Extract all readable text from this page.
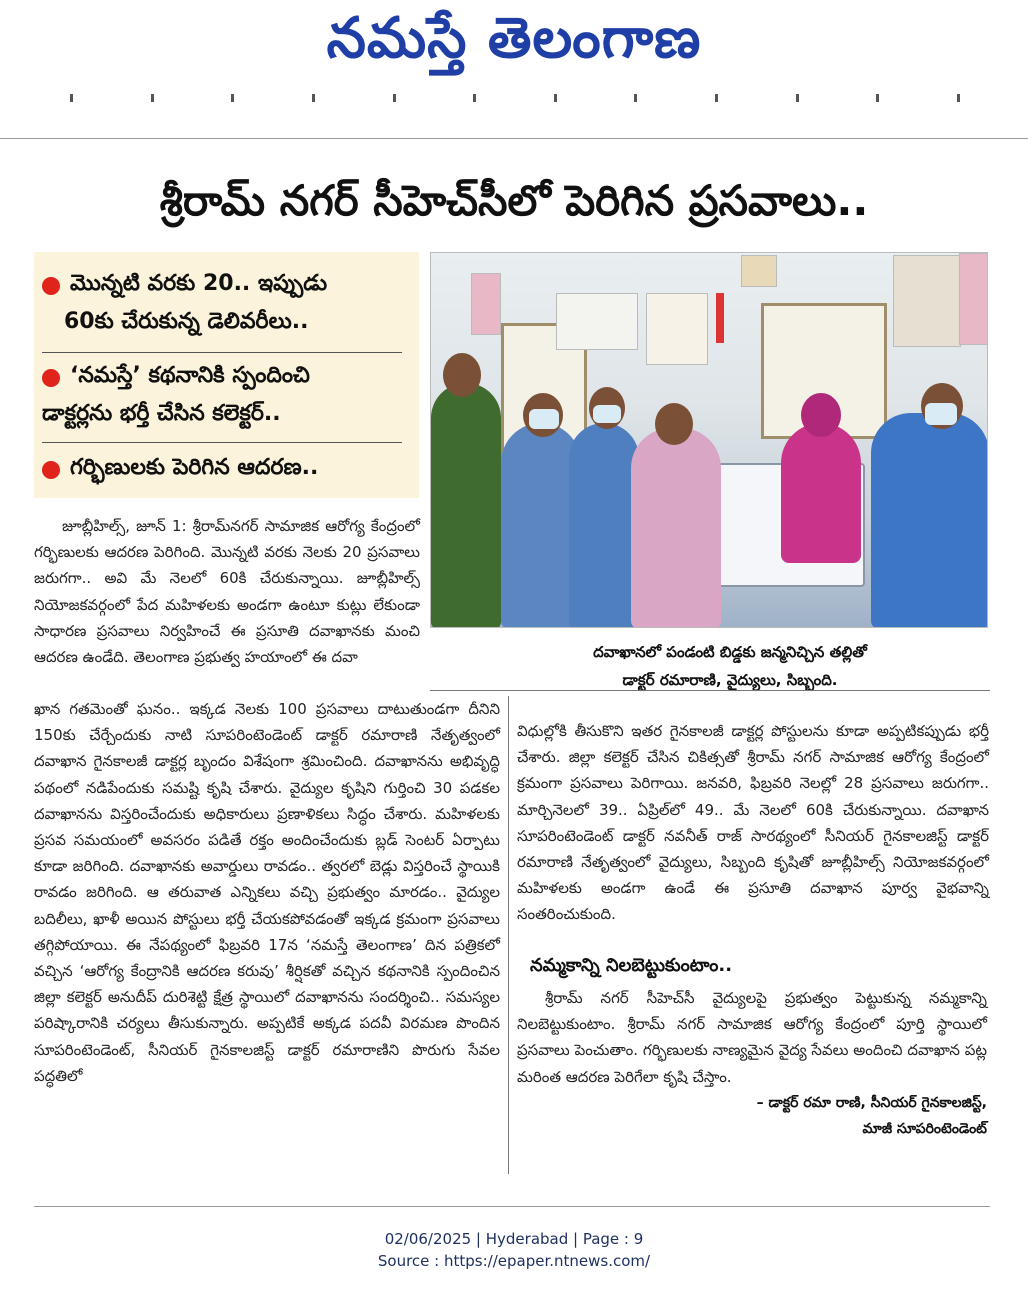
నమస్తే తెలంగాణ
శ్రీరామ్ నగర్ సీహెచ్‌సీలో పెరిగిన ప్రసవాలు..
మొన్నటి వరకు 20.. ఇప్పుడు
60కు చేరుకున్న డెలివరీలు..
‘నమస్తే’ కథనానికి స్పందించి
డాక్టర్లను భర్తీ చేసిన కలెక్టర్..
గర్భిణులకు పెరిగిన ఆదరణ..
దవాఖానలో పండంటి బిడ్డకు జన్మనిచ్చిన తల్లితో
డాక్టర్ రమారాణి, వైద్యులు, సిబ్బంది.

జూబ్లీహిల్స్, జూన్ 1: శ్రీరామ్‌నగర్ సామాజిక ఆరోగ్య కేంద్రంలో గర్భిణులకు ఆదరణ పెరిగింది. మొన్నటి వరకు నెలకు 20 ప్రసవాలు జరుగగా.. అవి మే నెలలో 60కి చేరుకున్నాయి. జూబ్లీహిల్స్ నియోజకవర్గంలో పేద మహిళలకు అండగా ఉంటూ కుట్లు లేకుండా సాధారణ ప్రసవాలు నిర్వహించే ఈ ప్రసూతి దవాఖానకు మంచి ఆదరణ ఉండేది. తెలంగాణ ప్రభుత్వ హయాంలో ఈ దవా

ఖాన గతమెంతో ఘనం.. ఇక్కడ నెలకు 100 ప్రసవాలు దాటుతుండగా దీనిని 150కు చేర్చేందుకు నాటి సూపరింటెండెంట్ డాక్టర్ రమారాణి నేతృత్వంలో దవాఖాన గైనకాలజీ డాక్టర్ల బృందం విశేషంగా శ్రమించింది. దవాఖానను అభివృద్ధి పథంలో నడిపేందుకు సమష్టి కృషి చేశారు. వైద్యుల కృషిని గుర్తించి 30 పడకల దవాఖానను విస్తరించేందుకు అధికారులు ప్రణాళికలు సిద్ధం చేశారు. మహిళలకు ప్రసవ సమయంలో అవసరం పడితే రక్తం అందించేందుకు బ్లడ్ సెంటర్ ఏర్పాటు కూడా జరిగింది. దవాఖానకు అవార్డులు రావడం.. త్వరలో బెడ్లు విస్తరించే స్థాయికి రావడం జరిగింది. ఆ తరువాత ఎన్నికలు వచ్చి ప్రభుత్వం మారడం.. వైద్యుల బదిలీలు, ఖాళీ అయిన పోస్టులు భర్తీ చేయకపోవడంతో ఇక్కడ క్రమంగా ప్రసవాలు తగ్గిపోయాయి. ఈ నేపథ్యంలో ఫిబ్రవరి 17న ‘నమస్తే తెలంగాణ’ దిన పత్రికలో వచ్చిన ‘ఆరోగ్య కేంద్రానికి ఆదరణ కరువు’ శీర్షికతో వచ్చిన కథనానికి స్పందించిన జిల్లా కలెక్టర్ అనుదీప్ దురిశెట్టి క్షేత్ర స్థాయిలో దవాఖానను సందర్శించి.. సమస్యల పరిష్కారానికి చర్యలు తీసుకున్నారు. అప్పటికే అక్కడ పదవీ విరమణ పొందిన సూపరింటెండెంట్, సీనియర్ గైనకాలజిస్ట్ డాక్టర్ రమారాణిని పొరుగు సేవల పద్ధతిలో
విధుల్లోకి తీసుకొని ఇతర గైనకాలజీ డాక్టర్ల పోస్టులను కూడా అప్పటికప్పుడు భర్తీ చేశారు. జిల్లా కలెక్టర్ చేసిన చికిత్సతో శ్రీరామ్ నగర్ సామాజిక ఆరోగ్య కేంద్రంలో క్రమంగా ప్రసవాలు పెరిగాయి. జనవరి, ఫిబ్రవరి నెలల్లో 28 ప్రసవాలు జరుగగా.. మార్చినెలలో 39.. ఏప్రిల్‌లో 49.. మే నెలలో 60కి చేరుకున్నాయి. దవాఖాన సూపరింటెండెంట్ డాక్టర్ నవనీత్ రాజ్ సారథ్యంలో సీనియర్ గైనకాలజిస్ట్ డాక్టర్ రమారాణి నేతృత్వంలో వైద్యులు, సిబ్బంది కృషితో జూబ్లీహిల్స్ నియోజకవర్గంలో మహిళలకు అండగా ఉండే ఈ ప్రసూతి దవాఖాన పూర్వ వైభవాన్ని సంతరించుకుంది.
నమ్మకాన్ని నిలబెట్టుకుంటాం..

శ్రీరామ్ నగర్ సీహెచ్‌సీ వైద్యులపై ప్రభుత్వం పెట్టుకున్న నమ్మకాన్ని నిలబెట్టుకుంటాం. శ్రీరామ్ నగర్ సామాజిక ఆరోగ్య కేంద్రంలో పూర్తి స్థాయిలో ప్రసవాలు పెంచుతాం. గర్భిణులకు నాణ్యమైన వైద్య సేవలు అందించి దవాఖాన పట్ల మరింత ఆదరణ పెరిగేలా కృషి చేస్తాం.

– డాక్టర్ రమా రాణి, సీనియర్ గైనకాలజిస్ట్,
మాజీ సూపరింటెండెంట్
02/06/2025 | Hyderabad | Page : 9
Source : https://epaper.ntnews.com/
